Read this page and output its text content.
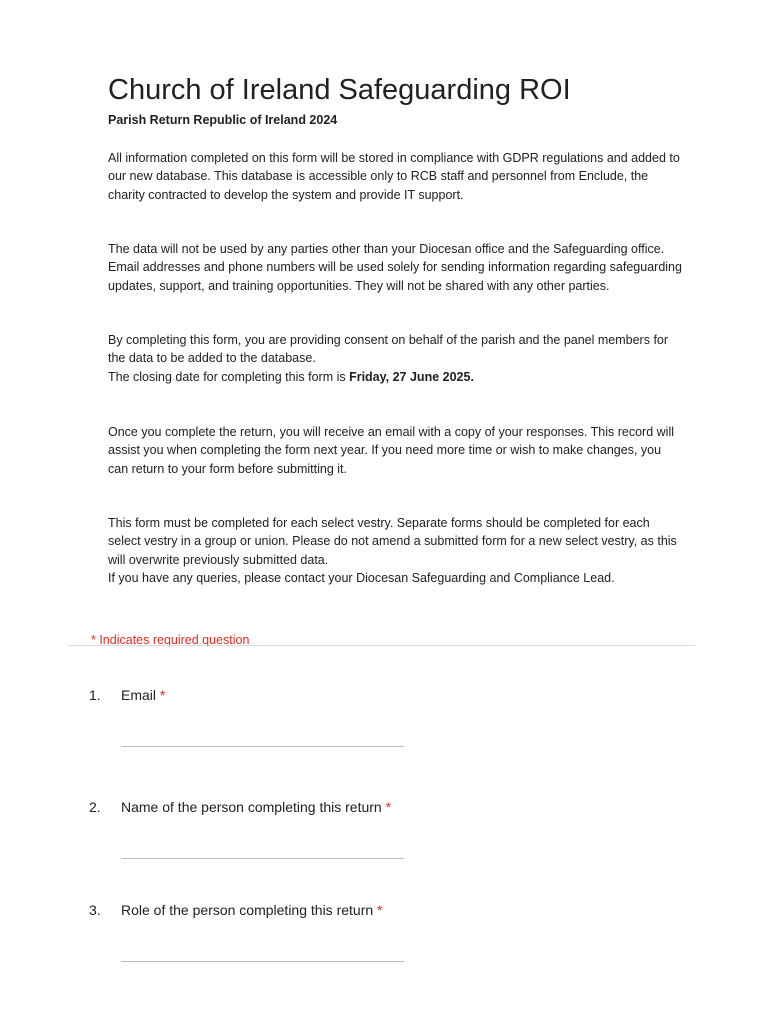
Church of Ireland Safeguarding ROI

Parish Return Republic of Ireland 2024

All information completed on this form will be stored in compliance with GDPR regulations and added to our new database. This database is accessible only to RCB staff and personnel from Enclude, the charity contracted to develop the system and provide IT support.

The data will not be used by any parties other than your Diocesan office and the Safeguarding office. Email addresses and phone numbers will be used solely for sending information regarding safeguarding updates, support, and training opportunities. They will not be shared with any other parties.

By completing this form, you are providing consent on behalf of the parish and the panel members for the data to be added to the database.
The closing date for completing this form is Friday, 27 June 2025.

Once you complete the return, you will receive an email with a copy of your responses. This record will assist you when completing the form next year. If you need more time or wish to make changes, you can return to your form before submitting it.

This form must be completed for each select vestry. Separate forms should be completed for each select vestry in a group or union. Please do not amend a submitted form for a new select vestry, as this will overwrite previously submitted data.
If you have any queries, please contact your Diocesan Safeguarding and Compliance Lead.

* Indicates required question

1. Email *
2. Name of the person completing this return *
3. Role of the person completing this return *
